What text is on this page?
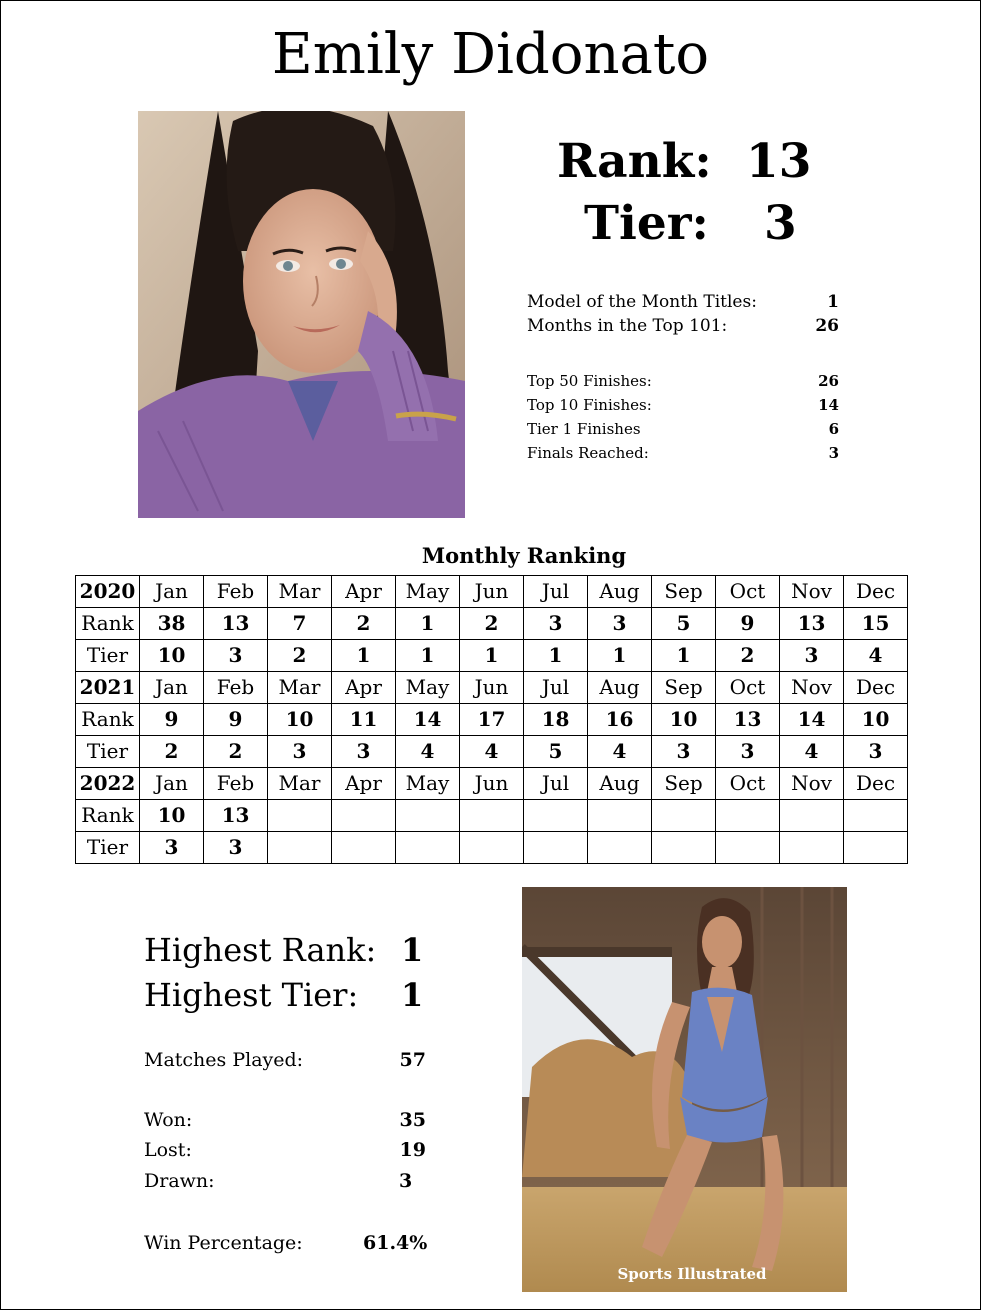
Emily Didonato
Rank: 13
Tier: 3
Model of the Month Titles:	1
Months in the Top 101:	26
Top 50 Finishes:	26
Top 10 Finishes:	14
Tier 1 Finishes	6
Finals Reached:	3
Monthly Ranking
2020	Jan	Feb	Mar	Apr	May	Jun	Jul	Aug	Sep	Oct	Nov	Dec
Rank	38	13	7	2	1	2	3	3	5	9	13	15
Tier	10	3	2	1	1	1	1	1	1	2	3	4
2021	Jan	Feb	Mar	Apr	May	Jun	Jul	Aug	Sep	Oct	Nov	Dec
Rank	9	9	10	11	14	17	18	16	10	13	14	10
Tier	2	2	3	3	4	4	5	4	3	3	4	3
2022	Jan	Feb	Mar	Apr	May	Jun	Jul	Aug	Sep	Oct	Nov	Dec
Rank	10	13										
Tier	3	3										
Highest Rank: 1
Highest Tier:	1
Matches Played:	57
Won:	35
Lost:	19
Drawn:	3
Win Percentage:	61.4%
Sports Illustrated
